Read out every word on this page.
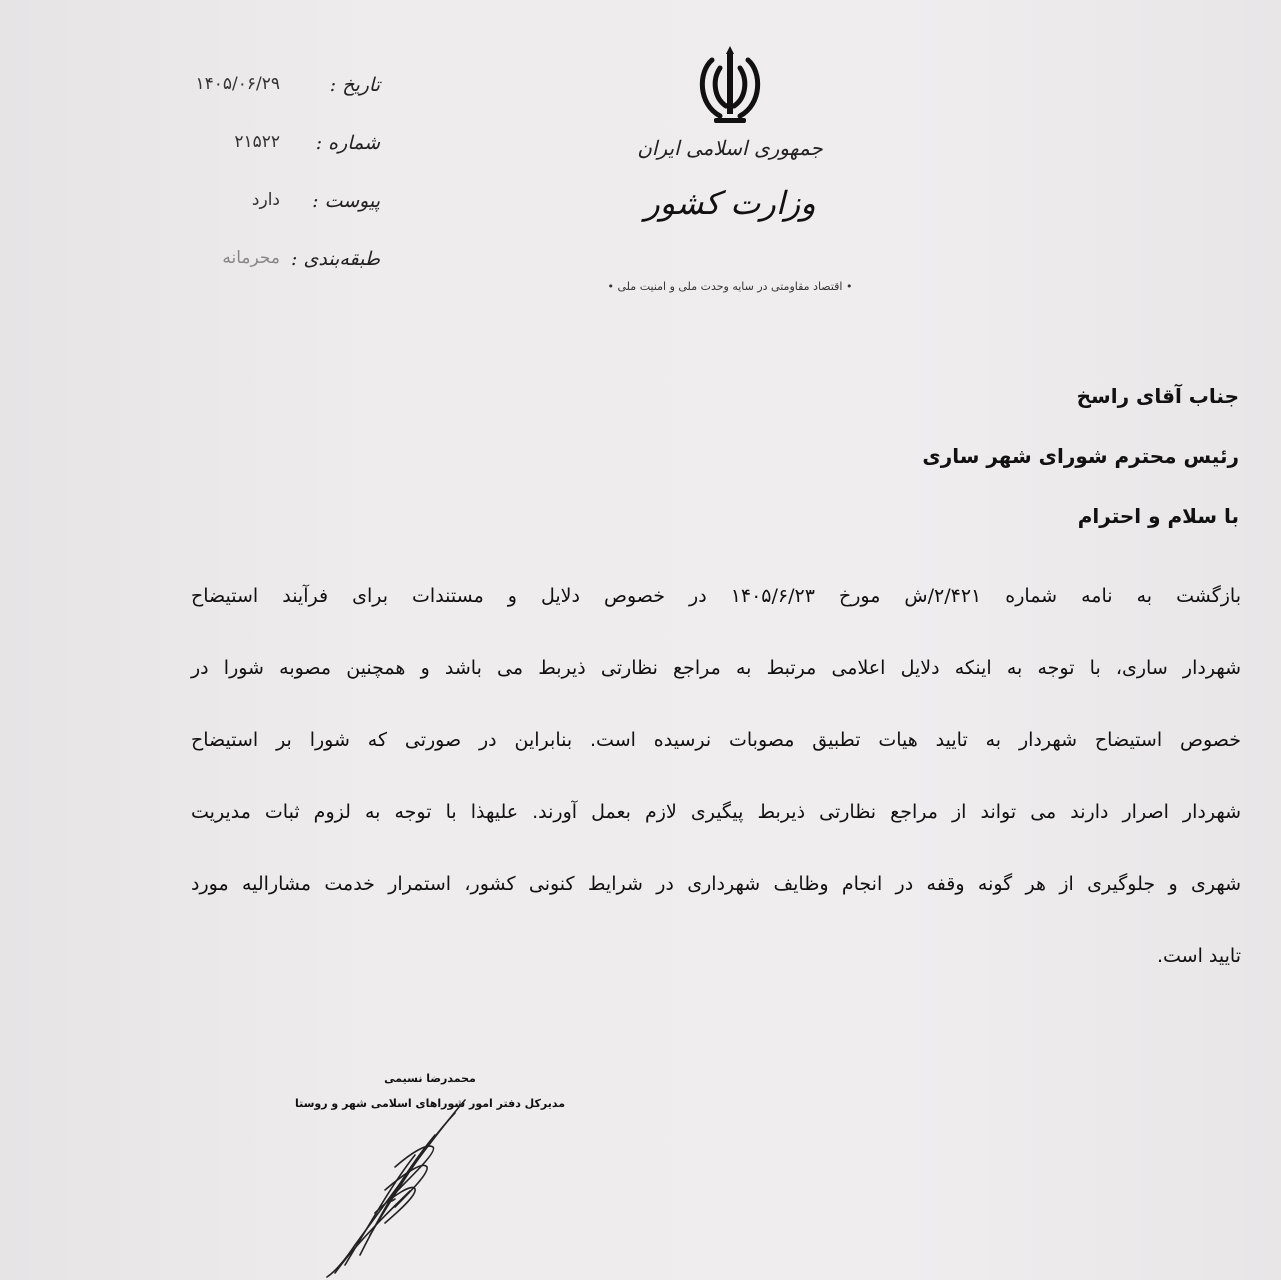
جمهوری اسلامی ایران
وزارت کشور
• اقتصاد مقاومتی در سایه وحدت ملی و امنیت ملی •
تاریخ :
۱۴۰۵/۰۶/۲۹
شماره :
۲۱۵۲۲
پیوست :
دارد
طبقه‌بندی :
محرمانه
جناب آقای راسخ
رئیس محترم شورای شهر ساری
با سلام و احترام
بازگشت به نامه شماره ۲/۴۲۱/ش مورخ ۱۴۰۵/۶/۲۳ در خصوص دلایل و مستندات برای فرآیند استیضاح
شهردار ساری، با توجه به اینکه دلایل اعلامی مرتبط به مراجع نظارتی ذیربط می باشد و همچنین مصوبه شورا در
خصوص استیضاح شهردار به تایید هیات تطبیق مصوبات نرسیده است. بنابراین در صورتی که شورا بر استیضاح
شهردار اصرار دارند می تواند از مراجع نظارتی ذیربط پیگیری لازم بعمل آورند. علیهذا با توجه به لزوم ثبات مدیریت
شهری و جلوگیری از هر گونه وقفه در انجام وظایف شهرداری در شرایط کنونی کشور، استمرار خدمت مشارالیه مورد
تایید است.
محمدرضا نسیمی
مدیرکل دفتر امور شوراهای اسلامی شهر و روستا
